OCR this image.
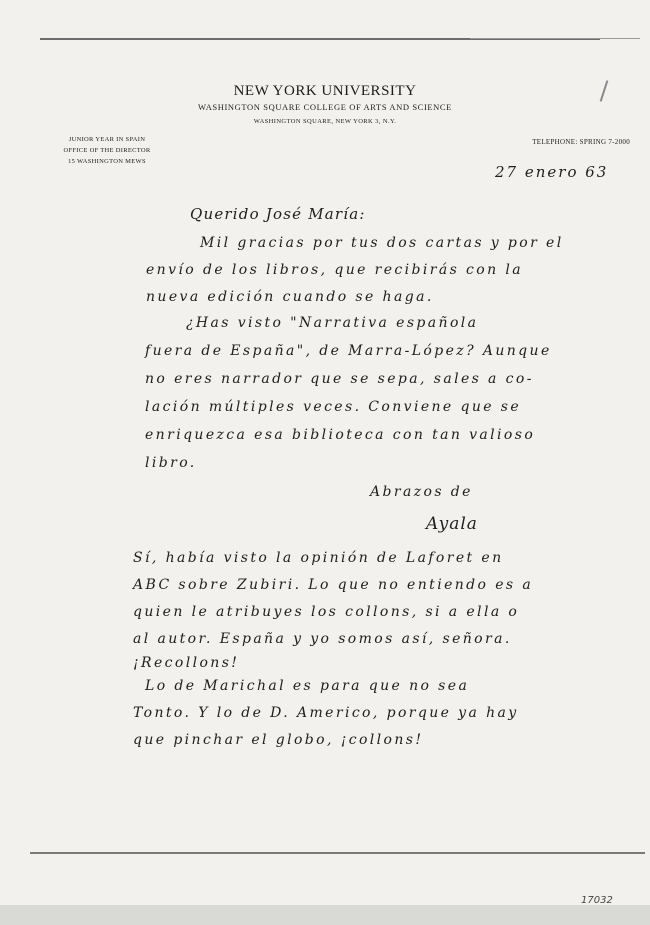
NEW YORK UNIVERSITY
WASHINGTON SQUARE COLLEGE OF ARTS AND SCIENCE
WASHINGTON SQUARE, NEW YORK 3, N.Y.
JUNIOR YEAR IN SPAIN
OFFICE OF THE DIRECTOR
15 WASHINGTON MEWS
TELEPHONE: SPRING 7-2000
27 enero 63
Querido José María:
Mil gracias por tus dos cartas y por el
envío de los libros, que recibirás con la
nueva edición cuando se haga.
¿Has visto "Narrativa española
fuera de España", de Marra-López? Aunque
no eres narrador que se sepa, sales a co-
lación múltiples veces. Conviene que se
enriquezca esa biblioteca con tan valioso
libro.
Abrazos de
Ayala
Sí, había visto la opinión de Laforet en
ABC sobre Zubiri. Lo que no entiendo es a
quien le atribuyes los collons, si a ella o
al autor. España y yo somos así, señora.
¡Recollons!
Lo de Marichal es para que no sea
Tonto. Y lo de D. Americo, porque ya hay
que pinchar el globo, ¡collons!
17032
